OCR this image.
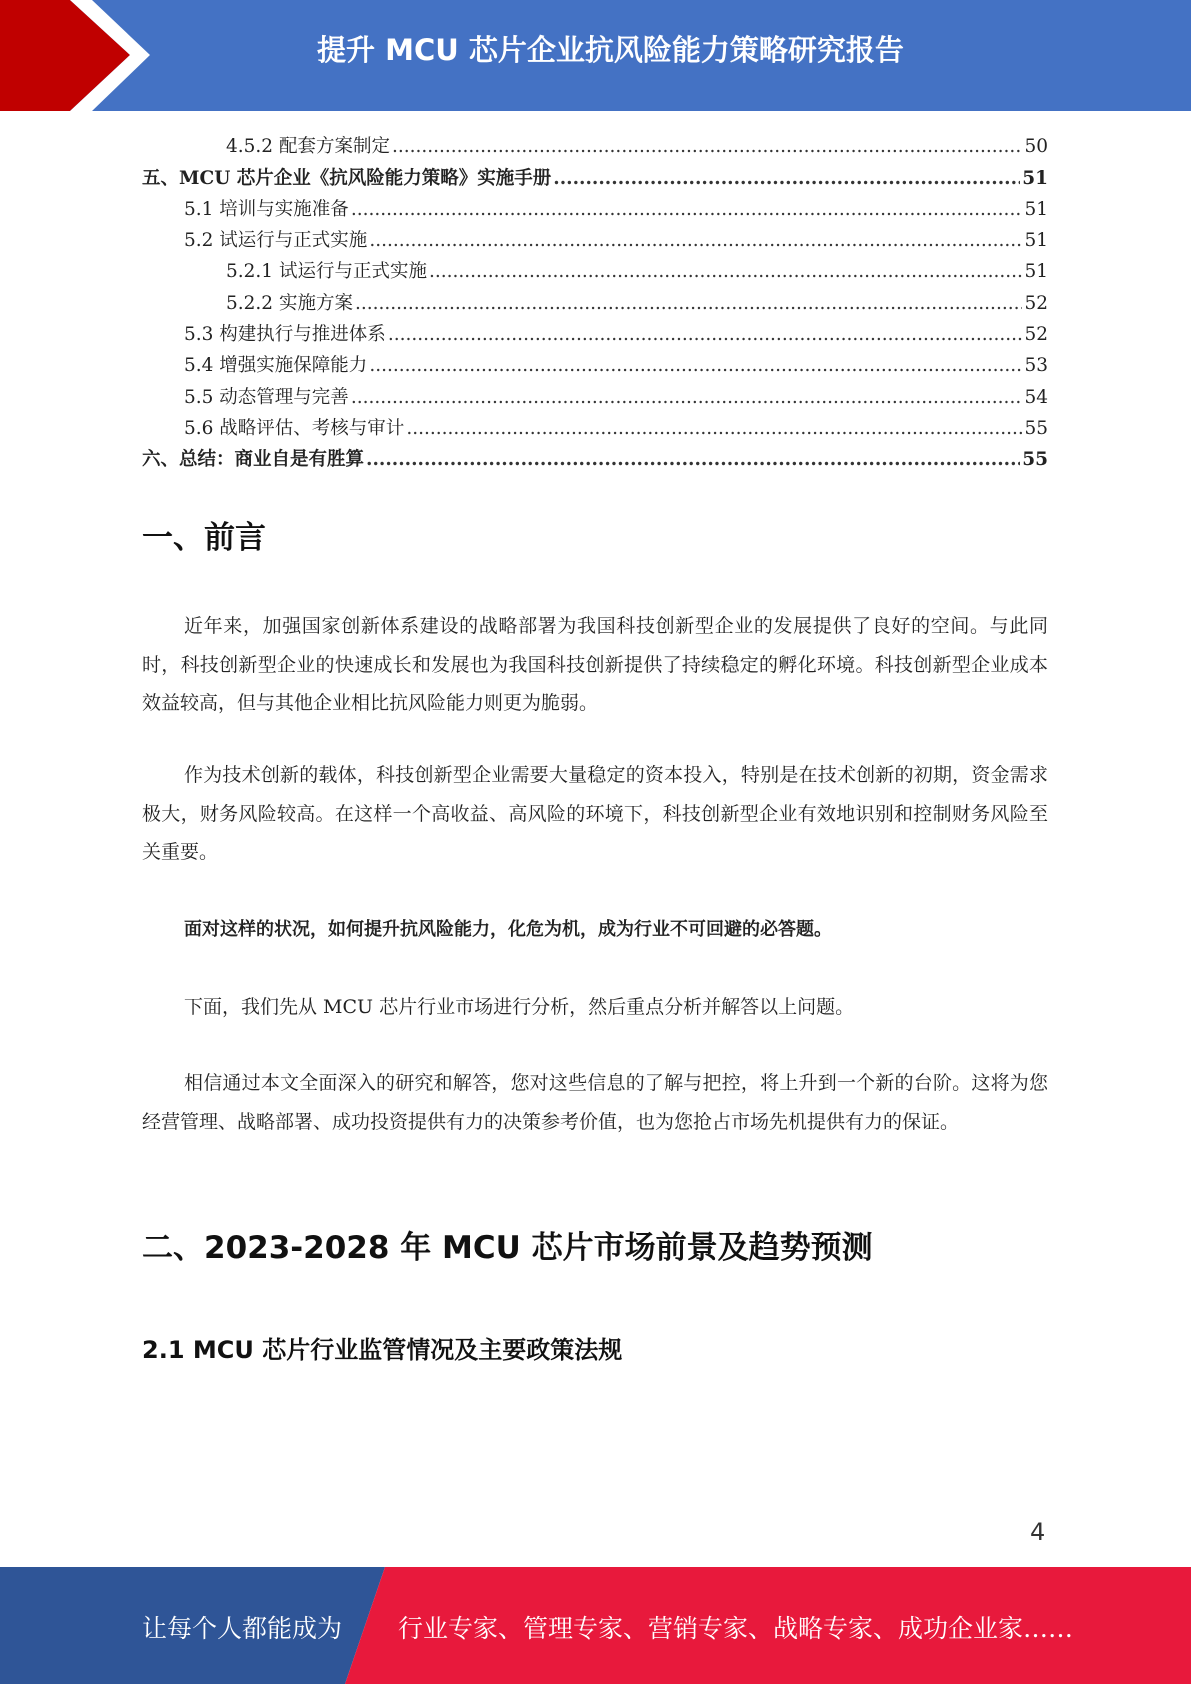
提升 MCU 芯片企业抗风险能力策略研究报告
4.5.2 配套方案制定 .....	50
五、MCU 芯片企业《抗风险能力策略》实施手册 .....	51
5.1 培训与实施准备 .....	51
5.2 试运行与正式实施 .....	51
5.2.1 试运行与正式实施 .....	51
5.2.2 实施方案 .....	52
5.3 构建执行与推进体系 .....	52
5.4 增强实施保障能力 .....	53
5.5 动态管理与完善 .....	54
5.6 战略评估、考核与审计 .....	55
六、总结：商业自是有胜算 .....	55
一、前言

近年来，加强国家创新体系建设的战略部署为我国科技创新型企业的发展提供了良好的空间。与此同时，科技创新型企业的快速成长和发展也为我国科技创新提供了持续稳定的孵化环境。科技创新型企业成本效益较高，但与其他企业相比抗风险能力则更为脆弱。

作为技术创新的载体，科技创新型企业需要大量稳定的资本投入，特别是在技术创新的初期，资金需求极大，财务风险较高。在这样一个高收益、高风险的环境下，科技创新型企业有效地识别和控制财务风险至关重要。

面对这样的状况，如何提升抗风险能力，化危为机，成为行业不可回避的必答题。

下面，我们先从 MCU 芯片行业市场进行分析，然后重点分析并解答以上问题。

相信通过本文全面深入的研究和解答，您对这些信息的了解与把控，将上升到一个新的台阶。这将为您经营管理、战略部署、成功投资提供有力的决策参考价值，也为您抢占市场先机提供有力的保证。

二、2023-2028 年 MCU 芯片市场前景及趋势预测
2.1 MCU 芯片行业监管情况及主要政策法规
4
让每个人都能成为 行业专家、管理专家、营销专家、战略专家、成功企业家……
